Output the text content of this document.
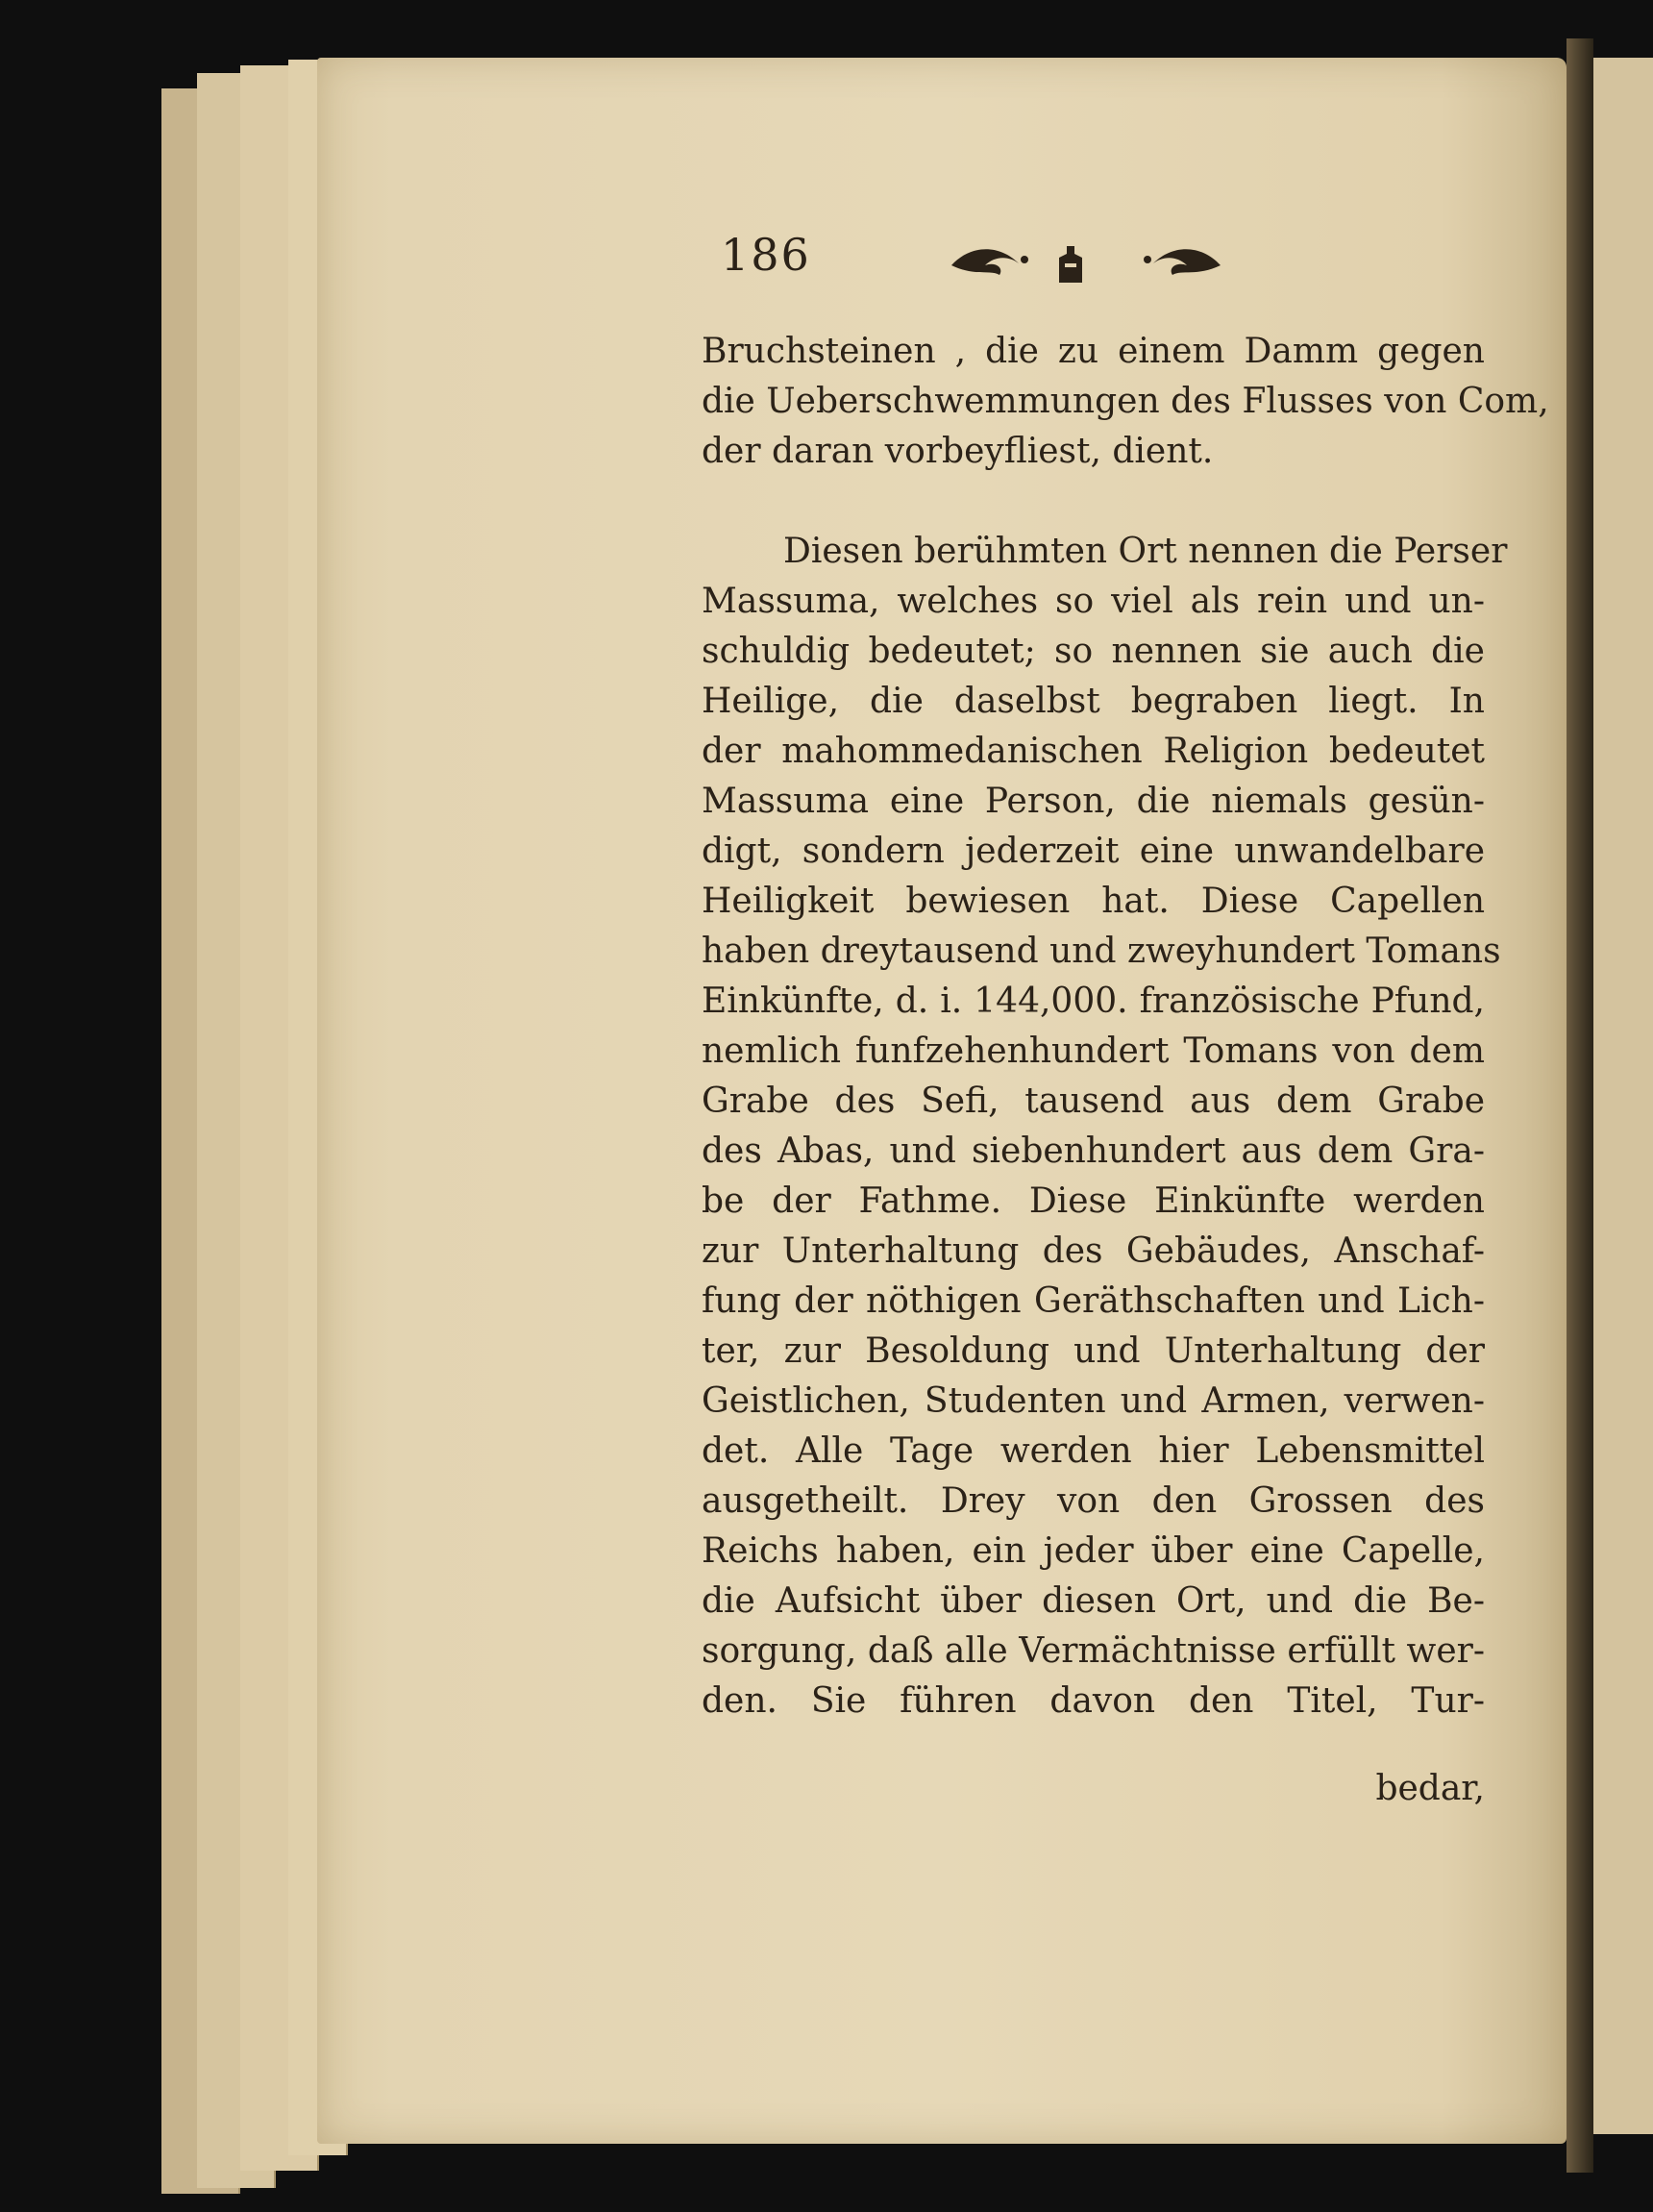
186
Bruchsteinen , die zu einem Damm gegen
die Ueberschwemmungen des Flusses von Com,
der daran vorbeyfliest, dient.
Diesen berühmten Ort nennen die Perser
Massuma, welches so viel als rein und un-
schuldig bedeutet; so nennen sie auch die
Heilige, die daselbst begraben liegt. In
der mahommedanischen Religion bedeutet
Massuma eine Person, die niemals gesün-
digt, sondern jederzeit eine unwandelbare
Heiligkeit bewiesen hat. Diese Capellen
haben dreytausend und zweyhundert Tomans
Einkünfte, d. i. 144,000. französische Pfund,
nemlich funfzehenhundert Tomans von dem
Grabe des Sefi, tausend aus dem Grabe
des Abas, und siebenhundert aus dem Gra-
be der Fathme. Diese Einkünfte werden
zur Unterhaltung des Gebäudes, Anschaf-
fung der nöthigen Geräthschaften und Lich-
ter, zur Besoldung und Unterhaltung der
Geistlichen, Studenten und Armen, verwen-
det. Alle Tage werden hier Lebensmittel
ausgetheilt. Drey von den Grossen des
Reichs haben, ein jeder über eine Capelle,
die Aufsicht über diesen Ort, und die Be-
sorgung, daß alle Vermächtnisse erfüllt wer-
den. Sie führen davon den Titel, Tur-
bedar,
